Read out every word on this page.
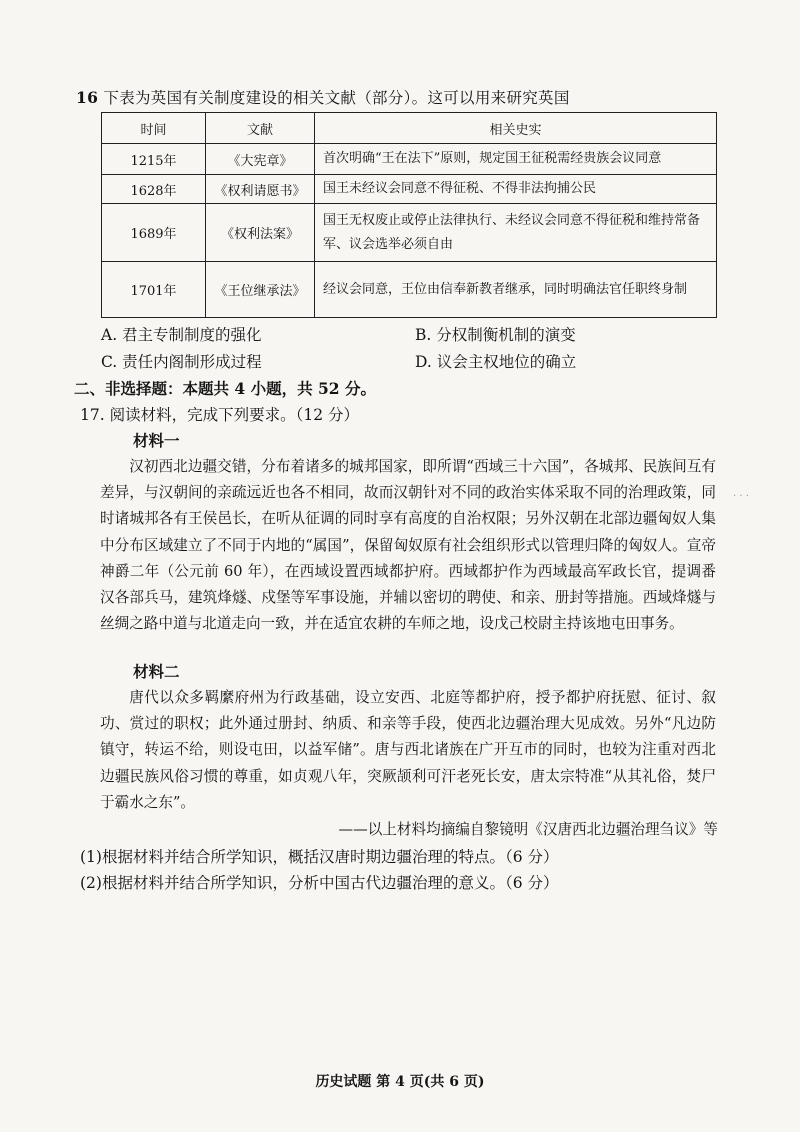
16 下表为英国有关制度建设的相关文献（部分）。这可以用来研究英国
时间	文献	相关史实
1215年	《大宪章》	首次明确“王在法下”原则，规定国王征税需经贵族会议同意
1628年	《权利请愿书》	国王未经议会同意不得征税、不得非法拘捕公民
1689年	《权利法案》	国王无权废止或停止法律执行、未经议会同意不得征税和维持常备军、议会选举必须自由
1701年	《王位继承法》	经议会同意，王位由信奉新教者继承，同时明确法官任职终身制
A. 君主专制制度的强化	B. 分权制衡机制的演变
C. 责任内阁制形成过程	D. 议会主权地位的确立
二、非选择题：本题共 4 小题，共 52 分。
17. 阅读材料，完成下列要求。（12 分）
材料一

汉初西北边疆交错，分布着诸多的城邦国家，即所谓“西域三十六国”，各城邦、民族间互有差异，与汉朝间的亲疏远近也各不相同，故而汉朝针对不同的政治实体采取不同的治理政策，同时诸城邦各有王侯邑长，在听从征调的同时享有高度的自治权限；另外汉朝在北部边疆匈奴人集中分布区域建立了不同于内地的“属国”，保留匈奴原有社会组织形式以管理归降的匈奴人。宣帝神爵二年（公元前 60 年），在西域设置西域都护府。西域都护作为西域最高军政长官，提调番汉各部兵马，建筑烽燧、戍堡等军事设施，并辅以密切的聘使、和亲、册封等措施。西域烽燧与丝绸之路中道与北道走向一致，并在适宜农耕的车师之地，设戊己校尉主持该地屯田事务。

材料二

唐代以众多羁縻府州为行政基础，设立安西、北庭等都护府，授予都护府抚慰、征讨、叙功、赏过的职权；此外通过册封、纳质、和亲等手段，使西北边疆治理大见成效。另外“凡边防镇守，转运不给，则设屯田，以益军储”。唐与西北诸族在广开互市的同时，也较为注重对西北边疆民族风俗习惯的尊重，如贞观八年，突厥颉利可汗老死长安，唐太宗特准“从其礼俗，焚尸于霸水之东”。

——以上材料均摘编自黎镜明《汉唐西北边疆治理刍议》等
(1)根据材料并结合所学知识，概括汉唐时期边疆治理的特点。（6 分）
(2)根据材料并结合所学知识，分析中国古代边疆治理的意义。（6 分）
· · ·
历史试题 第 4 页(共 6 页)
